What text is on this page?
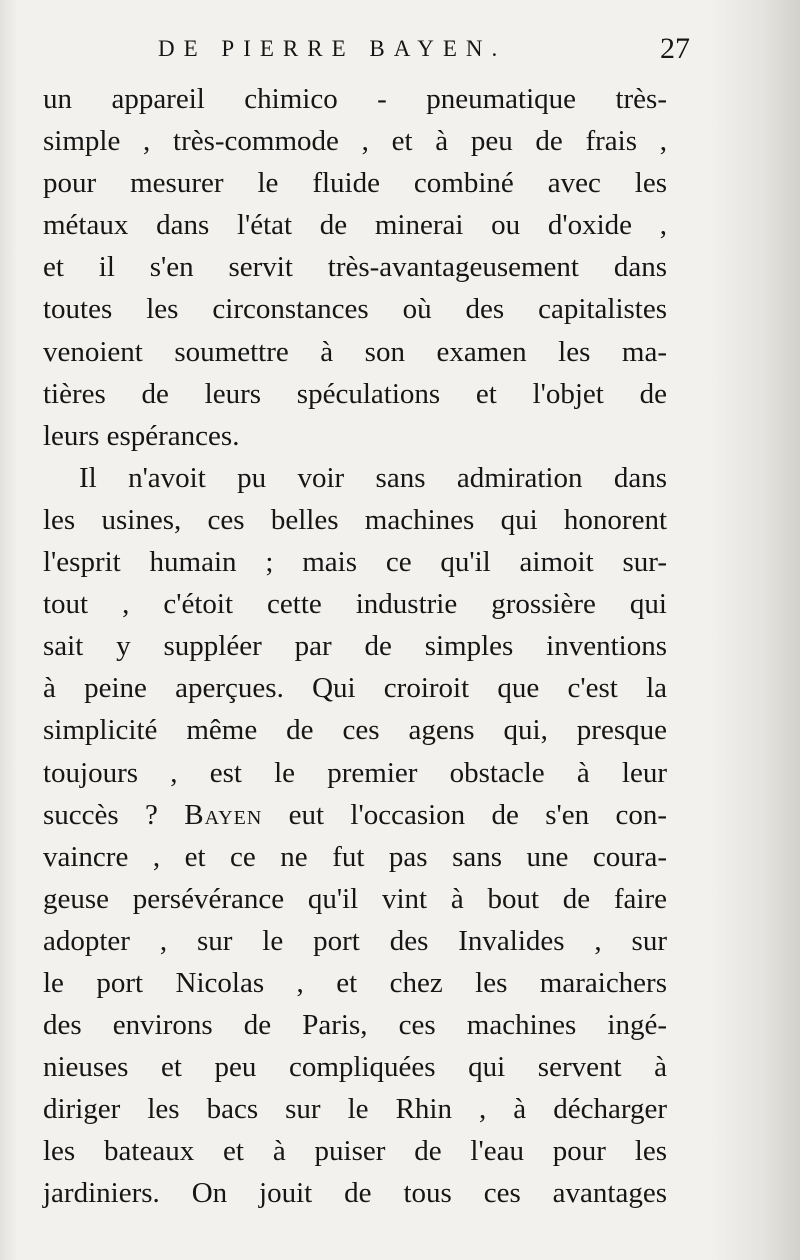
DE PIERRE BAYEN.	27
un appareil chimico - pneumatique très-
simple , très-commode , et à peu de frais ,
pour mesurer le fluide combiné avec les
métaux dans l'état de minerai ou d'oxide ,
et il s'en servit très-avantageusement dans
toutes les circonstances où des capitalistes
venoient soumettre à son examen les ma-
tières de leurs spéculations et l'objet de
leurs espérances.
Il n'avoit pu voir sans admiration dans
les usines, ces belles machines qui honorent
l'esprit humain ; mais ce qu'il aimoit sur-
tout , c'étoit cette industrie grossière qui
sait y suppléer par de simples inventions
à peine aperçues. Qui croiroit que c'est la
simplicité même de ces agens qui, presque
toujours , est le premier obstacle à leur
succès ? Bayen eut l'occasion de s'en con-
vaincre , et ce ne fut pas sans une coura-
geuse persévérance qu'il vint à bout de faire
adopter , sur le port des Invalides , sur
le port Nicolas , et chez les maraichers
des environs de Paris, ces machines ingé-
nieuses et peu compliquées qui servent à
diriger les bacs sur le Rhin , à décharger
les bateaux et à puiser de l'eau pour les
jardiniers. On jouit de tous ces avantages
